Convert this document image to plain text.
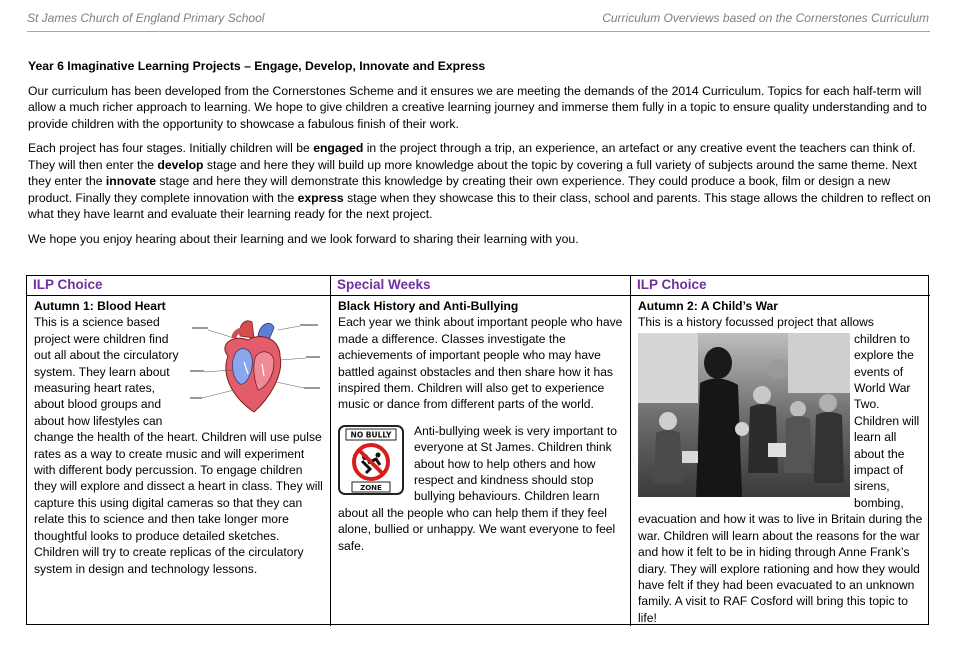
St James Church of England Primary School	Curriculum Overviews based on the Cornerstones Curriculum
Year 6 Imaginative Learning Projects – Engage, Develop, Innovate and Express

Our curriculum has been developed from the Cornerstones Scheme and it ensures we are meeting the demands of the 2014 Curriculum. Topics for each half-term will allow a much richer approach to learning. We hope to give children a creative learning journey and immerse them fully in a topic to ensure quality understanding and to provide children with the opportunity to showcase a fabulous finish of their work.

Each project has four stages. Initially children will be engaged in the project through a trip, an experience, an artefact or any creative event the teachers can think of. They will then enter the develop stage and here they will build up more knowledge about the topic by covering a full variety of subjects around the same theme. Next they enter the innovate stage and here they will demonstrate this knowledge by creating their own experience. They could produce a book, film or design a new product. Finally they complete innovation with the express stage when they showcase this to their class, school and parents. This stage allows the children to reflect on what they have learnt and evaluate their learning ready for the next project.

We hope you enjoy hearing about their learning and we look forward to sharing their learning with you.

ILP Choice
Autumn 1: Blood Heart
This is a science based project were children find out all about the circulatory system. They learn about measuring heart rates, about blood groups and about how lifestyles can change the health of the heart. Children will use pulse rates as a way to create music and will experiment with different body percussion. To engage children they will explore and dissect a heart in class. They will capture this using digital cameras so that they can relate this to science and then take longer more thoughtful looks to produce detailed sketches. Children will try to create replicas of the circulatory system in design and technology lessons.
Special Weeks
Black History and Anti-Bullying
Each year we think about important people who have made a difference. Classes investigate the achievements of important people who may have battled against obstacles and then share how it has inspired them. Children will also get to experience music or dance from different parts of the world.
NO BULLY
ZONE
Anti-bullying week is very important to everyone at St James. Children think about how to help others and how respect and kindness should stop bullying behaviours. Children learn about all the people who can help them if they feel alone, bullied or unhappy. We want everyone to feel safe.
ILP Choice
Autumn 2: A Child’s War
This is a history focussed project that allows
children to explore the events of World War Two. Children will learn all about the impact of sirens, bombing, evacuation and how it was to live in Britain during the war. Children will learn about the reasons for the war and how it felt to be in hiding through Anne Frank’s diary. They will explore rationing and how they would have felt if they had been evacuated to an unknown family. A visit to RAF Cosford will bring this topic to life!
